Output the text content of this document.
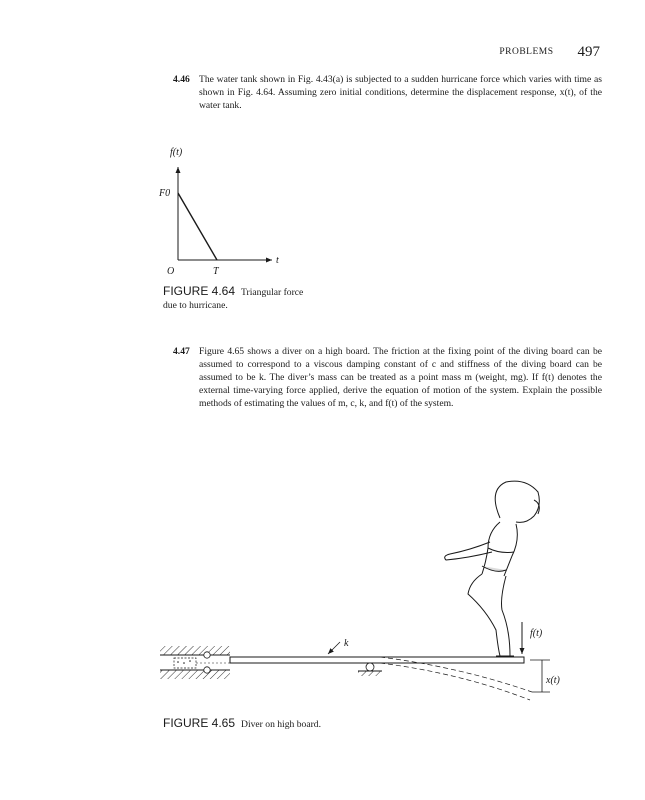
PROBLEMS 497
4.46 The water tank shown in Fig. 4.43(a) is subjected to a sudden hurricane force which varies with time as shown in Fig. 4.64. Assuming zero initial conditions, determine the displacement response, x(t), of the water tank.

f(t)
t
F0
O	T
FIGURE 4.64 Triangular force due to hurricane.
4.47 Figure 4.65 shows a diver on a high board. The friction at the fixing point of the diving board can be assumed to correspond to a viscous damping constant of c and stiffness of the diving board can be assumed to be k. The diver’s mass can be treated as a point mass m (weight, mg). If f(t) denotes the external time-varying force applied, derive the equation of motion of the system. Explain the possible methods of estimating the values of m, c, k, and f(t) of the system.

k
f(t)
x(t)
FIGURE 4.65 Diver on high board.
